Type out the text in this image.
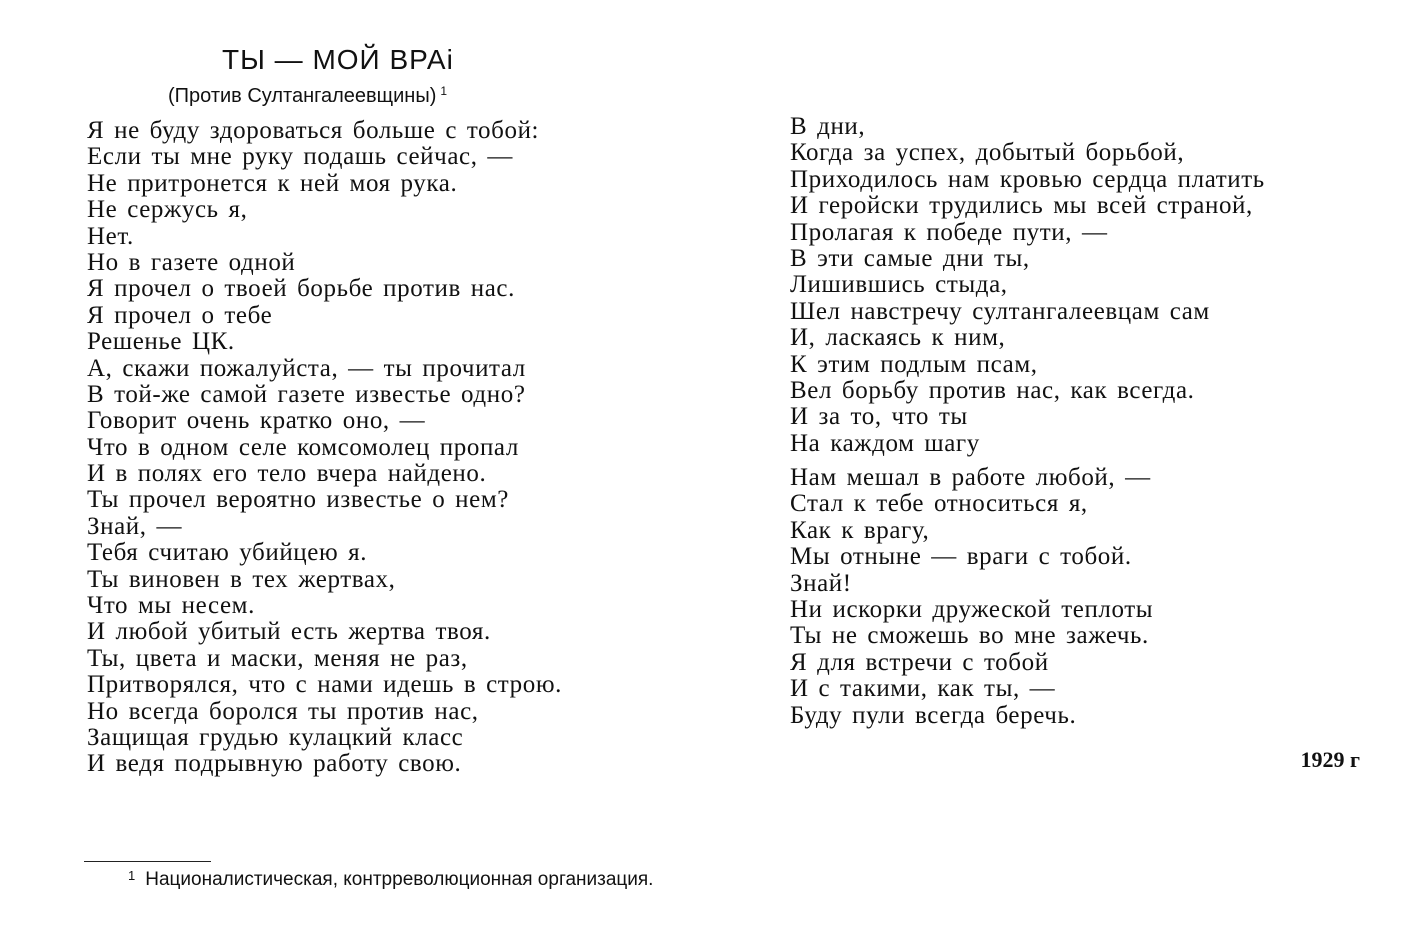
ТЫ — МОЙ ВРАi
(Против Султангалеевщины) $^1$
Я не буду здороваться больше с тобой:
Если ты мне руку подашь сейчас, —
Не притронется к ней моя рука.
Не сержусь я,
Нет.
Но в газете одной
Я прочел о твоей борьбе против нас.
Я прочел о тебе
Решенье ЦК.
А, скажи пожалуйста, — ты прочитал
В той-же самой газете известье одно?
Говорит очень кратко оно, —
Что в одном селе комсомолец пропал
И в полях его тело вчера найдено.
Ты прочел вероятно известье о нем?
Знай, —
Тебя считаю убийцею я.
Ты виновен в тех жертвах,
Что мы несем.
И любой убитый есть жертва твоя.
Ты, цвета и маски, меняя не раз,
Притворялся, что с нами идешь в строю.
Но всегда боролся ты против нас,
Защищая грудью кулацкий класс
И ведя подрывную работу свою.
В дни,
Когда за успех, добытый борьбой,
Приходилось нам кровью сердца платить
И геройски трудились мы всей страной,
Пролагая к победе пути, —
В эти самые дни ты,
Лишившись стыда,
Шел навстречу султангалеевцам сам
И, ласкаясь к ним,
К этим подлым псам,
Вел борьбу против нас, как всегда.
И за то, что ты
На каждом шагу
Нам мешал в работе любой, —
Стал к тебе относиться я,
Как к врагу,
Мы отныне — враги с тобой.
Знай!
Ни искорки дружеской теплоты
Ты не сможешь во мне зажечь.
Я для встречи с тобой
И с такими, как ты, —
Буду пули всегда беречь.
1929 г
$^1$ Националистическая, контрреволюционная организация.
